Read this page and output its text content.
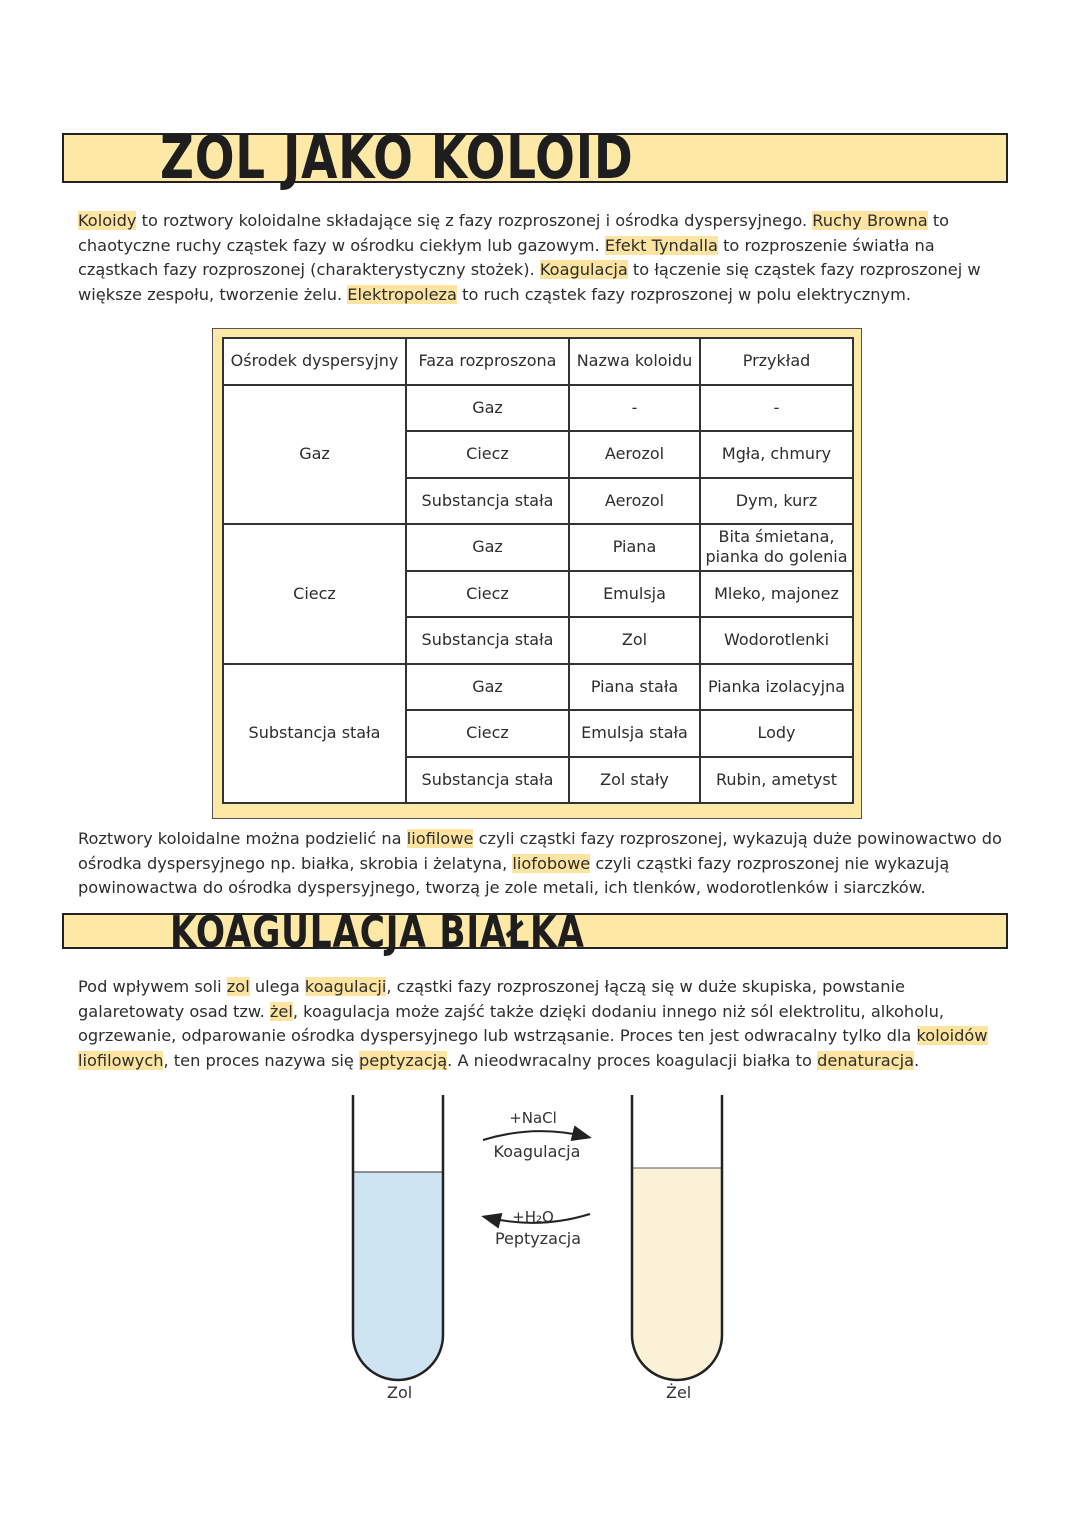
ZOL JAKO KOLOID

Koloidy to roztwory koloidalne składające się z fazy rozproszonej i ośrodka dyspersyjnego. Ruchy Browna to chaotyczne ruchy cząstek fazy w ośrodku ciekłym lub gazowym. Efekt Tyndalla to rozproszenie światła na cząstkach fazy rozproszonej (charakterystyczny stożek). Koagulacja to łączenie się cząstek fazy rozproszonej w większe zespołu, tworzenie żelu. Elektropoleza to ruch cząstek fazy rozproszonej w polu elektrycznym.

Ośrodek dyspersyjny	Faza rozproszona	Nazwa koloidu	Przykład
Gaz	Gaz	-	-
	Ciecz	Aerozol	Mgła, chmury
	Substancja stała	Aerozol	Dym, kurz
Ciecz	Gaz	Piana	Bita śmietana, pianka do golenia
	Ciecz	Emulsja	Mleko, majonez
	Substancja stała	Zol	Wodorotlenki
Substancja stała	Gaz	Piana stała	Pianka izolacyjna
	Ciecz	Emulsja stała	Lody
	Substancja stała	Zol stały	Rubin, ametyst

Roztwory koloidalne można podzielić na liofilowe czyli cząstki fazy rozproszonej, wykazują duże powinowactwo do ośrodka dyspersyjnego np. białka, skrobia i żelatyna, liofobowe czyli cząstki fazy rozproszonej nie wykazują powinowactwa do ośrodka dyspersyjnego, tworzą je zole metali, ich tlenków, wodorotlenków i siarczków.

KOAGULACJA BIAŁKA

Pod wpływem soli zol ulega koagulacji, cząstki fazy rozproszonej łączą się w duże skupiska, powstanie galaretowaty osad tzw. żel, koagulacja może zajść także dzięki dodaniu innego niż sól elektrolitu, alkoholu, ogrzewanie, odparowanie ośrodka dyspersyjnego lub wstrząsanie. Proces ten jest odwracalny tylko dla koloidów liofilowych, ten proces nazywa się peptyzacją. A nieodwracalny proces koagulacji białka to denaturacja.

+NaCl
Koagulacja
+H₂O
Peptyzacja
Zol	Żel
